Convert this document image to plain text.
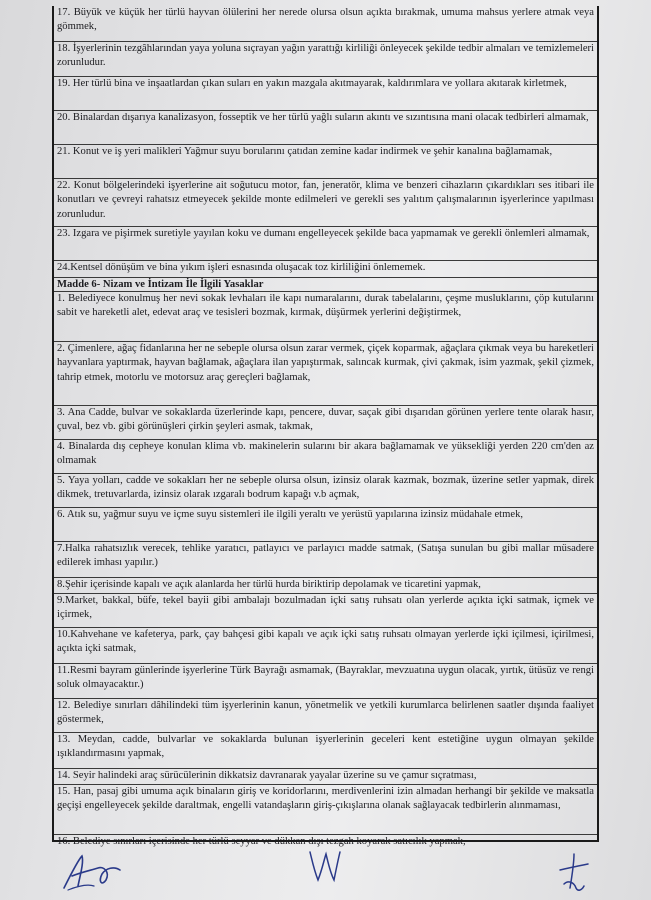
17. Büyük ve küçük her türlü hayvan ölülerini her nerede olursa olsun açıkta bırakmak, umuma mahsus yerlere atmak veya gömmek,
18. İşyerlerinin tezgâhlarından yaya yoluna sıçrayan yağın yarattığı kirliliği önleyecek şekilde tedbir almaları ve temizlemeleri zorunludur.
19. Her türlü bina ve inşaatlardan çıkan suları en yakın mazgala akıtmayarak, kaldırımlara ve yollara akıtarak kirletmek,
20. Binalardan dışarıya kanalizasyon, fosseptik ve her türlü yağlı suların akıntı ve sızıntısına mani olacak tedbirleri almamak,
21. Konut ve iş yeri malikleri Yağmur suyu borularını çatıdan zemine kadar indirmek ve şehir kanalına bağlamamak,
22. Konut bölgelerindeki işyerlerine ait soğutucu motor, fan, jeneratör, klima ve benzeri cihazların çıkardıkları ses itibari ile konutları ve çevreyi rahatsız etmeyecek şekilde monte edilmeleri ve gerekli ses yalıtım çalışmalarının işyerlerince yapılması zorunludur.
23. Izgara ve pişirmek suretiyle yayılan koku ve dumanı engelleyecek şekilde baca yapmamak ve gerekli önlemleri almamak,
24.Kentsel dönüşüm ve bina yıkım işleri esnasında oluşacak toz kirliliğini önlememek.
Madde 6- Nizam ve İntizam İle İlgili Yasaklar
1. Belediyece konulmuş her nevi sokak levhaları ile kapı numaralarını, durak tabelalarını, çeşme musluklarını, çöp kutularını sabit ve hareketli alet, edevat araç ve tesisleri bozmak, kırmak, düşürmek yerlerini değiştirmek,
2. Çimenlere, ağaç fidanlarına her ne sebeple olursa olsun zarar vermek, çiçek koparmak, ağaçlara çıkmak veya bu hareketleri hayvanlara yaptırmak, hayvan bağlamak, ağaçlara ilan yapıştırmak, salıncak kurmak, çivi çakmak, isim yazmak, şekil çizmek, tahrip etmek, motorlu ve motorsuz araç gereçleri bağlamak,
3. Ana Cadde, bulvar ve sokaklarda üzerlerinde kapı, pencere, duvar, saçak gibi dışarıdan görünen yerlere tente olarak hasır, çuval, bez vb. gibi görünüşleri çirkin şeyleri asmak, takmak,
4. Binalarda dış cepheye konulan klima vb. makinelerin sularını bir akara bağlamamak ve yüksekliği yerden 220 cm'den az olmamak
5. Yaya yolları, cadde ve sokakları her ne sebeple olursa olsun, izinsiz olarak kazmak, bozmak, üzerine setler yapmak, direk dikmek, tretuvarlarda, izinsiz olarak ızgaralı bodrum kapağı v.b açmak,
6. Atık su, yağmur suyu ve içme suyu sistemleri ile ilgili yeraltı ve yerüstü yapılarına izinsiz müdahale etmek,
7.Halka rahatsızlık verecek, tehlike yaratıcı, patlayıcı ve parlayıcı madde satmak, (Satışa sunulan bu gibi mallar müsadere edilerek imhası yapılır.)
8.Şehir içerisinde kapalı ve açık alanlarda her türlü hurda biriktirip depolamak ve ticaretini yapmak,
9.Market, bakkal, büfe, tekel bayii gibi ambalajı bozulmadan içki satış ruhsatı olan yerlerde açıkta içki satmak, içmek ve içirmek,
10.Kahvehane ve kafeterya, park, çay bahçesi gibi kapalı ve açık içki satış ruhsatı olmayan yerlerde içki içilmesi, içirilmesi, açıkta içki satmak,
11.Resmi bayram günlerinde işyerlerine Türk Bayrağı asmamak, (Bayraklar, mevzuatına uygun olacak, yırtık, ütüsüz ve rengi soluk olmayacaktır.)
12. Belediye sınırları dâhilindeki tüm işyerlerinin kanun, yönetmelik ve yetkili kurumlarca belirlenen saatler dışında faaliyet göstermek,
13. Meydan, cadde, bulvarlar ve sokaklarda bulunan işyerlerinin geceleri kent estetiğine uygun olmayan şekilde ışıklandırmasını yapmak,
14. Seyir halindeki araç sürücülerinin dikkatsiz davranarak yayalar üzerine su ve çamur sıçratması,
15. Han, pasaj gibi umuma açık binaların giriş ve koridorlarını, merdivenlerini izin almadan herhangi bir şekilde ve maksatla geçişi engelleyecek şekilde daraltmak, engelli vatandaşların giriş-çıkışlarına olanak sağlayacak tedbirlerin alınmaması,
16. Belediye sınırları içerisinde her türlü seyyar ve dükkan dışı tezgah koyarak satıcılık yapmak,
